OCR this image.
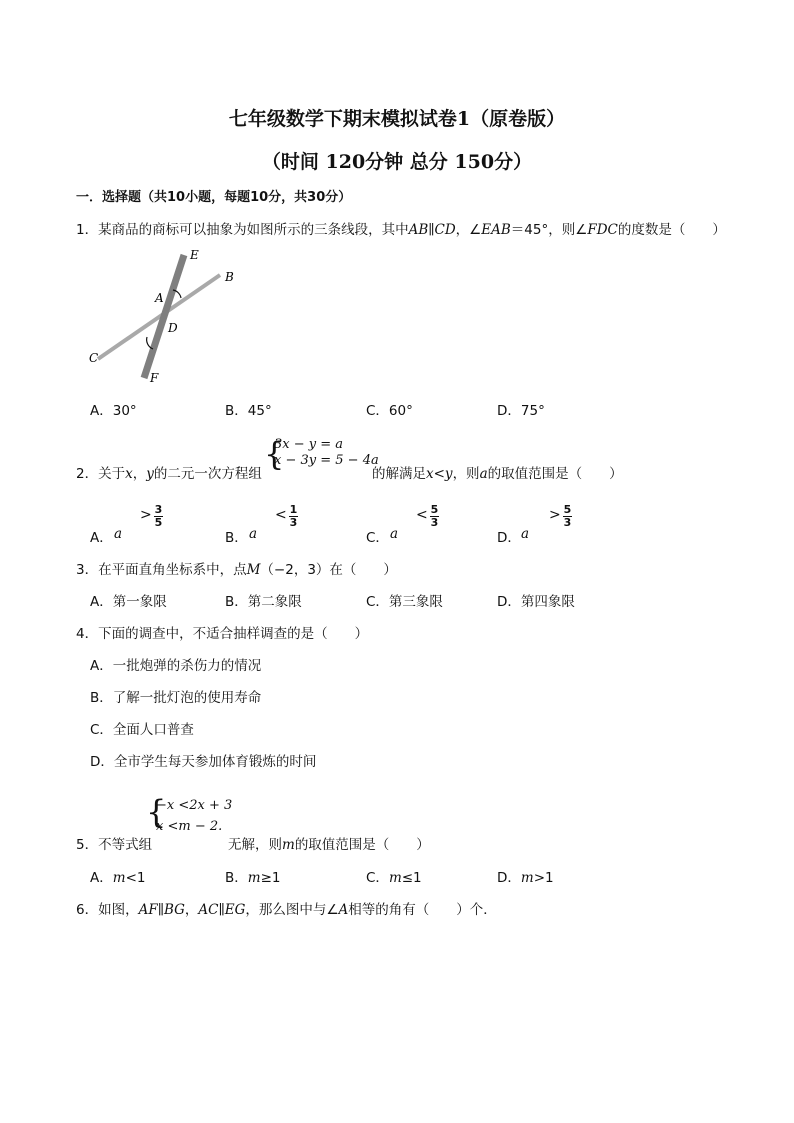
七年级数学下期末模拟试卷1（原卷版）
（时间 120分钟 总分 150分）
一．选择题（共10小题，每题10分，共30分）
1．某商品的商标可以抽象为如图所示的三条线段，其中AB∥CD，∠EAB＝45°，则∠FDC的度数是（　　）
E
B
A
D
C
F
A．30°	B．45°	C．60°	D．75°
2．关于x，y的二元一次方程组
{
3x − y = a
x − 3y = 5 − 4a
的解满足x<y，则a的取值范围是（　　）
A． a
> 3
5
B． a
< 1
3
C． a
< 5
3
D． a
> 5
3
3．在平面直角坐标系中，点M（−2，3）在（　　）
A．第一象限	B．第二象限	C．第三象限	D．第四象限
4．下面的调查中，不适合抽样调查的是（　　）
A．一批炮弹的杀伤力的情况
B．了解一批灯泡的使用寿命
C．全面人口普查
D．全市学生每天参加体育锻炼的时间
5．不等式组
{
−x <2x + 3
x <m − 2.
无解，则m的取值范围是（　　）
A．m<1	B．m≥1	C．m≤1	D．m>1
6．如图，AF∥BG，AC∥EG，那么图中与∠A相等的角有（　　）个．
